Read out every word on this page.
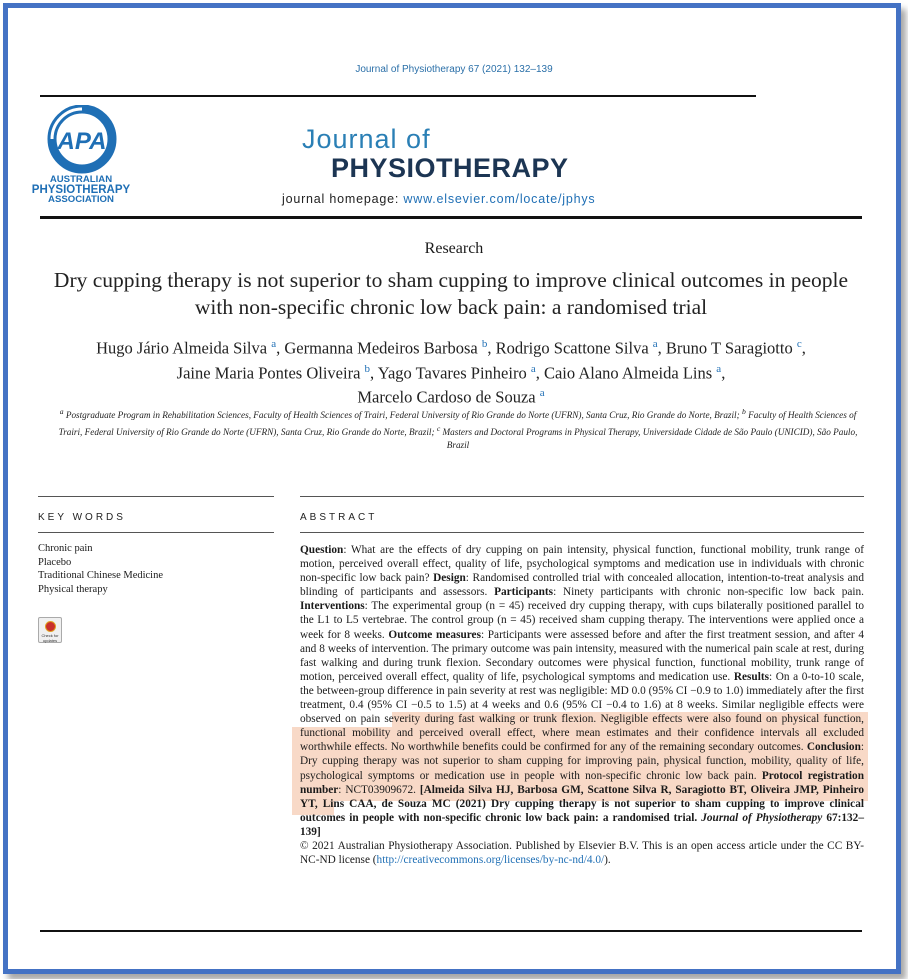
Journal of Physiotherapy 67 (2021) 132–139
APA
AUSTRALIAN
PHYSIOTHERAPY
ASSOCIATION
Journal of
PHYSIOTHERAPY
journal homepage: www.elsevier.com/locate/jphys
Research
Dry cupping therapy is not superior to sham cupping to improve clinical outcomes in people with non-specific chronic low back pain: a randomised trial
Hugo Jário Almeida Silva $^a$, Germanna Medeiros Barbosa $^b$, Rodrigo Scattone Silva $^a$, Bruno T Saragiotto $^c$,
Jaine Maria Pontes Oliveira $^b$, Yago Tavares Pinheiro $^a$, Caio Alano Almeida Lins $^a$,
Marcelo Cardoso de Souza $^a$
$^a$ Postgraduate Program in Rehabilitation Sciences, Faculty of Health Sciences of Trairi, Federal University of Rio Grande do Norte (UFRN), Santa Cruz, Rio Grande do Norte, Brazil; $^b$ Faculty of Health Sciences of Trairi, Federal University of Rio Grande do Norte (UFRN), Santa Cruz, Rio Grande do Norte, Brazil; $^c$ Masters and Doctoral Programs in Physical Therapy, Universidade Cidade de São Paulo (UNICID), São Paulo, Brazil
KEY WORDS	ABSTRACT
Chronic pain
Placebo
Traditional Chinese Medicine
Physical therapy
Check for updates
Question: What are the effects of dry cupping on pain intensity, physical function, functional mobility, trunk range of motion, perceived overall effect, quality of life, psychological symptoms and medication use in individuals with chronic non-specific low back pain? Design: Randomised controlled trial with concealed allocation, intention-to-treat analysis and blinding of participants and assessors. Participants: Ninety participants with chronic non-specific low back pain. Interventions: The experimental group (n = 45) received dry cupping therapy, with cups bilaterally positioned parallel to the L1 to L5 vertebrae. The control group (n = 45) received sham cupping therapy. The interventions were applied once a week for 8 weeks. Outcome measures: Participants were assessed before and after the first treatment session, and after 4 and 8 weeks of intervention. The primary outcome was pain intensity, measured with the numerical pain scale at rest, during fast walking and during trunk flexion. Secondary outcomes were physical function, functional mobility, trunk range of motion, perceived overall effect, quality of life, psychological symptoms and medication use. Results: On a 0-to-10 scale, the between-group difference in pain severity at rest was negligible: MD 0.0 (95% CI −0.9 to 1.0) immediately after the first treatment, 0.4 (95% CI −0.5 to 1.5) at 4 weeks and 0.6 (95% CI −0.4 to 1.6) at 8 weeks. Similar negligible effects were observed on pain severity during fast walking or trunk flexion. Negligible effects were also found on physical function, functional mobility and perceived overall effect, where mean estimates and their confidence intervals all excluded worthwhile effects. No worthwhile benefits could be confirmed for any of the remaining secondary outcomes. Conclusion: Dry cupping therapy was not superior to sham cupping for improving pain, physical function, mobility, quality of life, psychological symptoms or medication use in people with non-specific chronic low back pain. Protocol registration number: NCT03909672. [Almeida Silva HJ, Barbosa GM, Scattone Silva R, Saragiotto BT, Oliveira JMP, Pinheiro YT, Lins CAA, de Souza MC (2021) Dry cupping therapy is not superior to sham cupping to improve clinical outcomes in people with non-specific chronic low back pain: a randomised trial. Journal of Physiotherapy 67:132–139]
© 2021 Australian Physiotherapy Association. Published by Elsevier B.V. This is an open access article under the CC BY-NC-ND license (http://creativecommons.org/licenses/by-nc-nd/4.0/).
